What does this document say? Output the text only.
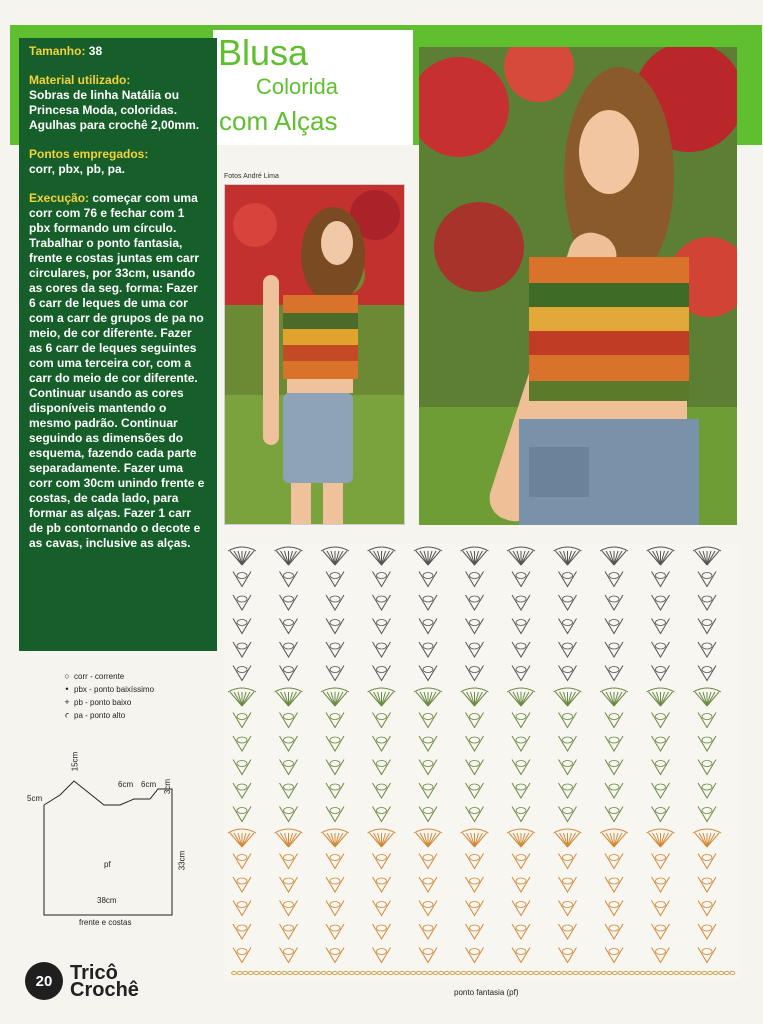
Blusa
Colorida
com Alças

Tamanho: 38

Material utilizado:
Sobras de linha Natália ou Princesa Moda, coloridas. Agulhas para crochê 2,00mm.

Pontos empregados:
corr, pbx, pb, pa.

Execução: começar com uma corr com 76 e fechar com 1 pbx formando um círculo. Trabalhar o ponto fantasia, frente e costas juntas em carr circulares, por 33cm, usando as cores da seg. forma: Fazer 6 carr de leques de uma cor com a carr de grupos de pa no meio, de cor diferente. Fazer as 6 carr de leques seguintes com uma terceira cor, com a carr do meio de cor diferente. Continuar usando as cores disponíveis mantendo o mesmo padrão. Continuar seguindo as dimensões do esquema, fazendo cada parte separadamente. Fazer uma corr com 30cm unindo frente e costas, de cada lado, para formar as alças. Fazer 1 carr de pb contornando o decote e as cavas, inclusive as alças.

Fotos André Lima
ponto fantasia (pf)
○ corr - corrente
• pbx - ponto baixíssimo
+ pb - ponto baixo
ꜥ pa - ponto alto
15cm
6cm 6cm 3cm
5cm
pf	33cm
38cm
frente e costas
20 Tricô
Crochê
